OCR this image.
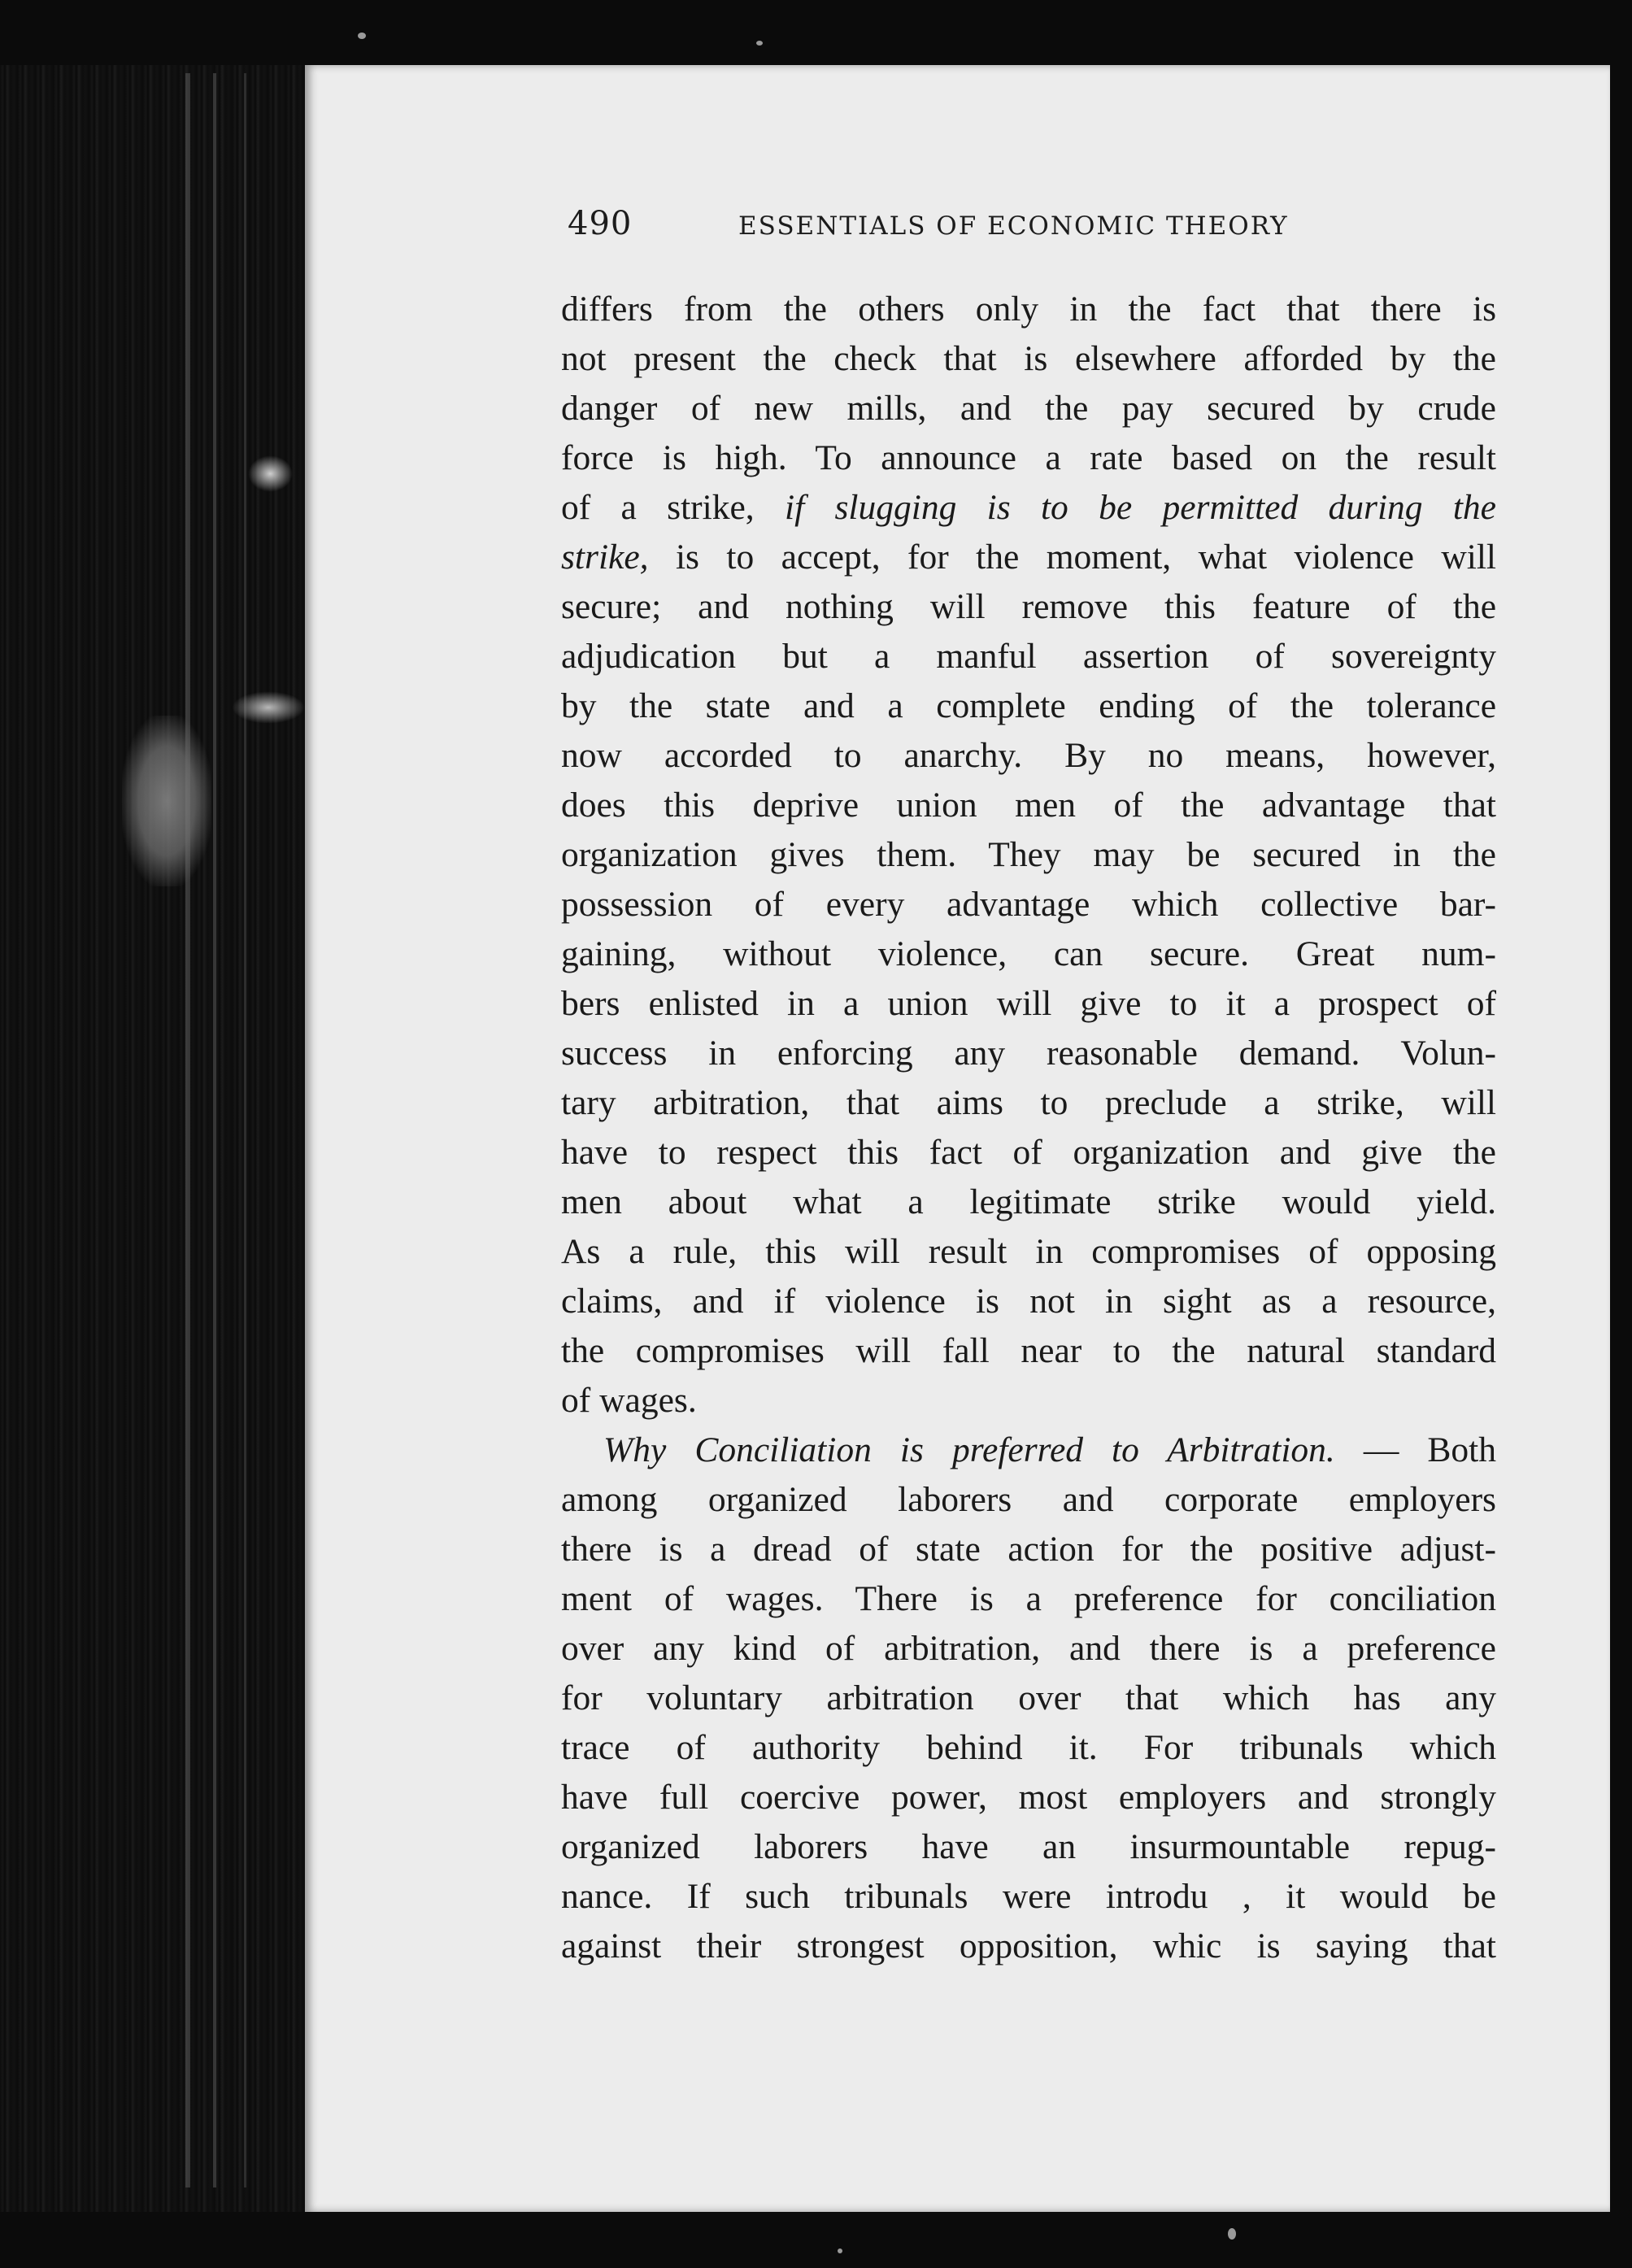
490	ESSENTIALS OF ECONOMIC THEORY
differs from the others only in the fact that there is
not present the check that is elsewhere afforded by the
danger of new mills, and the pay secured by crude
force is high. To announce a rate based on the result
of a strike, if slugging is to be permitted during the
strike, is to accept, for the moment, what violence will
secure; and nothing will remove this feature of the
adjudication but a manful assertion of sovereignty
by the state and a complete ending of the tolerance
now accorded to anarchy. By no means, however,
does this deprive union men of the advantage that
organization gives them. They may be secured in the
possession of every advantage which collective bar-
gaining, without violence, can secure. Great num-
bers enlisted in a union will give to it a prospect of
success in enforcing any reasonable demand. Volun-
tary arbitration, that aims to preclude a strike, will
have to respect this fact of organization and give the
men about what a legitimate strike would yield.
As a rule, this will result in compromises of opposing
claims, and if violence is not in sight as a resource,
the compromises will fall near to the natural standard
of wages.
Why Conciliation is preferred to Arbitration. — Both
among organized laborers and corporate employers
there is a dread of state action for the positive adjust-
ment of wages. There is a preference for conciliation
over any kind of arbitration, and there is a preference
for voluntary arbitration over that which has any
trace of authority behind it. For tribunals which
have full coercive power, most employers and strongly
organized laborers have an insurmountable repug-
nance. If such tribunals were introdu , it would be
against their strongest opposition, whic is saying that
